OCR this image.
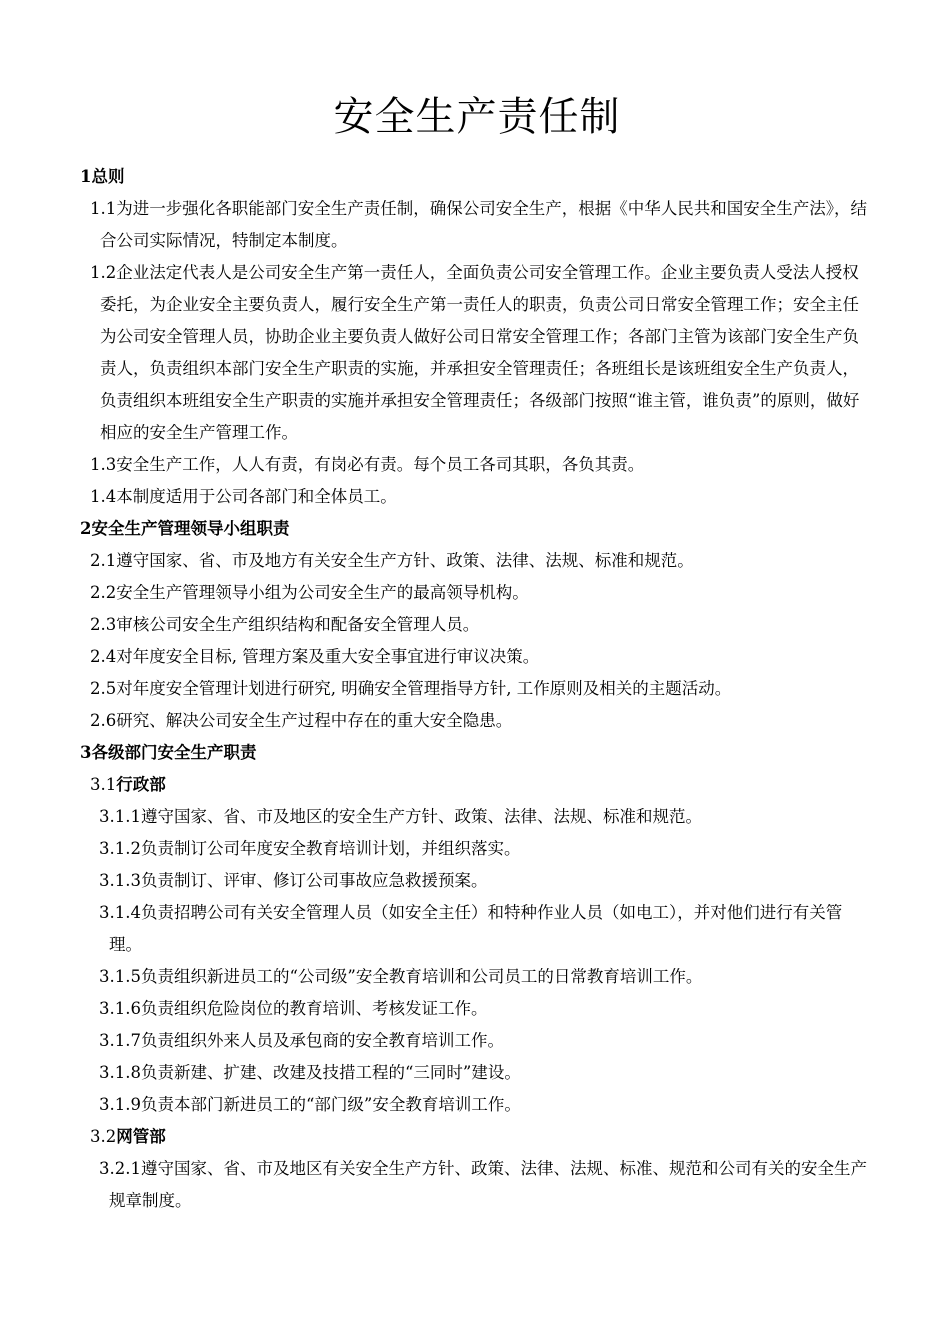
安全生产责任制

1总则

1.1为进一步强化各职能部门安全生产责任制，确保公司安全生产，根据《中华人民共和国安全生产法》，结合公司实际情况，特制定本制度。

1.2企业法定代表人是公司安全生产第一责任人，全面负责公司安全管理工作。企业主要负责人受法人授权委托，为企业安全主要负责人，履行安全生产第一责任人的职责，负责公司日常安全管理工作；安全主任为公司安全管理人员，协助企业主要负责人做好公司日常安全管理工作；各部门主管为该部门安全生产负责人，负责组织本部门安全生产职责的实施，并承担安全管理责任；各班组长是该班组安全生产负责人，负责组织本班组安全生产职责的实施并承担安全管理责任；各级部门按照“谁主管，谁负责”的原则，做好相应的安全生产管理工作。

1.3安全生产工作，人人有责，有岗必有责。每个员工各司其职，各负其责。

1.4本制度适用于公司各部门和全体员工。

2安全生产管理领导小组职责

2.1遵守国家、省、市及地方有关安全生产方针、政策、法律、法规、标准和规范。

2.2安全生产管理领导小组为公司安全生产的最高领导机构。

2.3审核公司安全生产组织结构和配备安全管理人员。

2.4对年度安全目标, 管理方案及重大安全事宜进行审议决策。

2.5对年度安全管理计划进行研究, 明确安全管理指导方针, 工作原则及相关的主题活动。

2.6研究、解决公司安全生产过程中存在的重大安全隐患。

3各级部门安全生产职责

3.1行政部

3.1.1遵守国家、省、市及地区的安全生产方针、政策、法律、法规、标准和规范。

3.1.2负责制订公司年度安全教育培训计划，并组织落实。

3.1.3负责制订、评审、修订公司事故应急救援预案。

3.1.4负责招聘公司有关安全管理人员（如安全主任）和特种作业人员（如电工），并对他们进行有关管理。

3.1.5负责组织新进员工的“公司级”安全教育培训和公司员工的日常教育培训工作。

3.1.6负责组织危险岗位的教育培训、考核发证工作。

3.1.7负责组织外来人员及承包商的安全教育培训工作。

3.1.8负责新建、扩建、改建及技措工程的“三同时”建设。

3.1.9负责本部门新进员工的“部门级”安全教育培训工作。

3.2网管部

3.2.1遵守国家、省、市及地区有关安全生产方针、政策、法律、法规、标准、规范和公司有关的安全生产规章制度。
